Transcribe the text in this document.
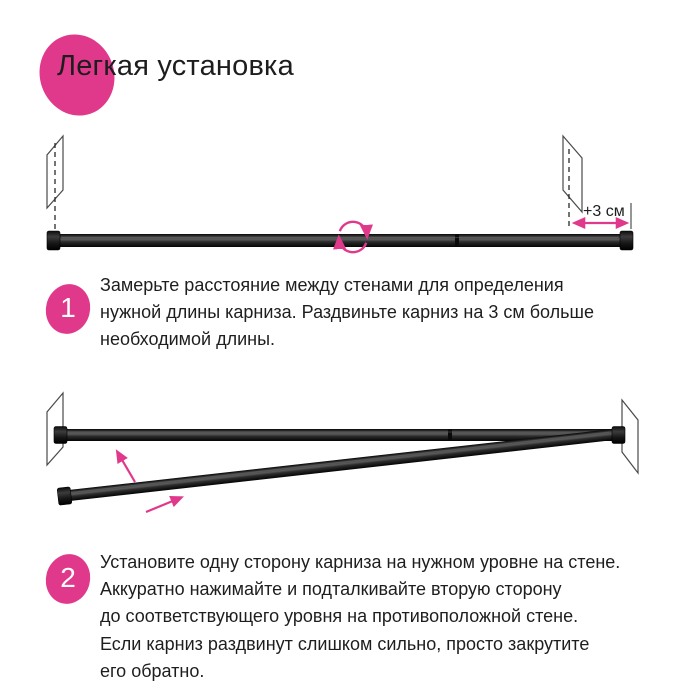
Легкая установка
+3 см
1
Замерьте расстояние между стенами для определения
нужной длины карниза. Раздвиньте карниз на 3 см больше
необходимой длины.
2	Установите одну сторону карниза на нужном уровне на стене.
Аккуратно нажимайте и подталкивайте вторую сторону
до соответствующего уровня на противоположной стене.
Если карниз раздвинут слишком сильно, просто закрутите
его обратно.
